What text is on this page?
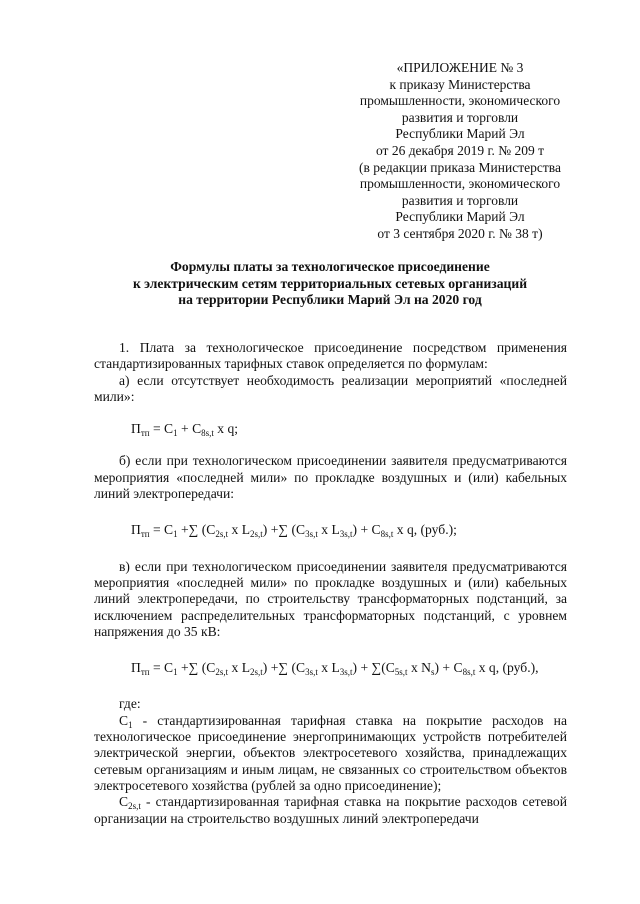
«ПРИЛОЖЕНИЕ № 3
к приказу Министерства
промышленности, экономического
развития и торговли
Республики Марий Эл
от 26 декабря 2019 г. № 209 т
(в редакции приказа Министерства
промышленности, экономического
развития и торговли
Республики Марий Эл
от 3 сентября 2020 г. № 38 т)
Формулы платы за технологическое присоединение
к электрическим сетям территориальных сетевых организаций
на территории Республики Марий Эл на 2020 год

1. Плата за технологическое присоединение посредством применения стандартизированных тарифных ставок определяется по формулам:

а) если отсутствует необходимость реализации мероприятий «последней мили»:

$П_{тп} = С_1 + С_{8s,t}$ x q;

б) если при технологическом присоединении заявителя предусматриваются мероприятия «последней мили» по прокладке воздушных и (или) кабельных линий электропередачи:

$П_{тп} = С_1$ +∑ ($С_{2s,t}$ x $L_{2s,t}$) +∑ ($С_{3s,t}$ x $L_{3s,t}) + С_{8s,t}$ x q, (руб.);

в) если при технологическом присоединении заявителя предусматриваются мероприятия «последней мили» по прокладке воздушных и (или) кабельных линий электропередачи, по строительству трансформаторных подстанций, за исключением распределительных трансформаторных подстанций, с уровнем напряжения до 35 кВ:

$П_{тп} = С_1$ +∑ ($С_{2s,t}$ x $L_{2s,t}$) +∑ ($С_{3s,t}$ x $L_{3s,t}) + \sum(С_{5s,t}$ x $N_s) + С_{8s,t}$ x q, (руб.),

где:

$С_1$ - стандартизированная тарифная ставка на покрытие расходов на технологическое присоединение энергопринимающих устройств потребителей электрической энергии, объектов электросетевого хозяйства, принадлежащих сетевым организациям и иным лицам, не связанных со строительством объектов электросетевого хозяйства (рублей за одно присоединение);

$С_{2s,t}$ - стандартизированная тарифная ставка на покрытие расходов сетевой организации на строительство воздушных линий электропередачи
